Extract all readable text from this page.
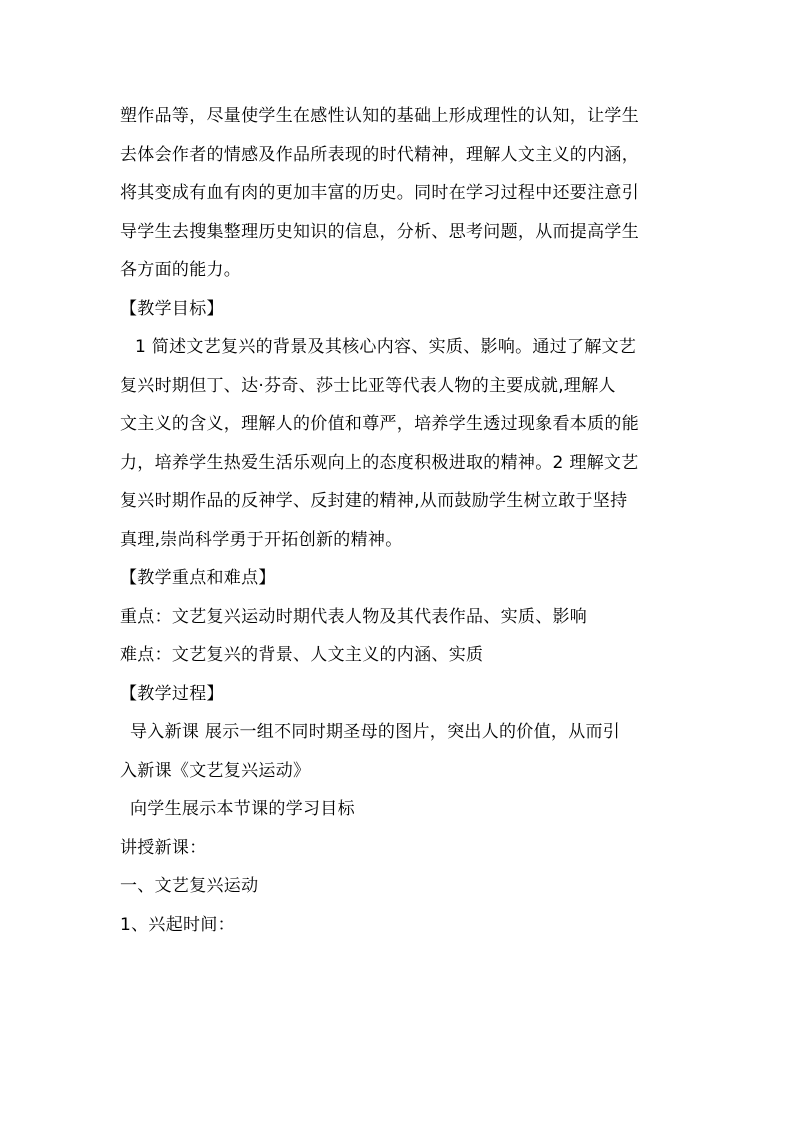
塑作品等，尽量使学生在感性认知的基础上形成理性的认知，让学生
去体会作者的情感及作品所表现的时代精神，理解人文主义的内涵，
将其变成有血有肉的更加丰富的历史。同时在学习过程中还要注意引
导学生去搜集整理历史知识的信息，分析、思考问题，从而提高学生
各方面的能力。
【教学目标】
1 简述文艺复兴的背景及其核心内容、实质、影响。通过了解文艺
复兴时期但丁、达·芬奇、莎士比亚等代表人物的主要成就,理解人
文主义的含义，理解人的价值和尊严，培养学生透过现象看本质的能
力，培养学生热爱生活乐观向上的态度积极进取的精神。2 理解文艺
复兴时期作品的反神学、反封建的精神,从而鼓励学生树立敢于坚持
真理,崇尚科学勇于开拓创新的精神。
【教学重点和难点】
重点：文艺复兴运动时期代表人物及其代表作品、实质、影响
难点：文艺复兴的背景、人文主义的内涵、实质
【教学过程】
导入新课 展示一组不同时期圣母的图片，突出人的价值，从而引
入新课《文艺复兴运动》
向学生展示本节课的学习目标
讲授新课：
一、文艺复兴运动
1、兴起时间：
